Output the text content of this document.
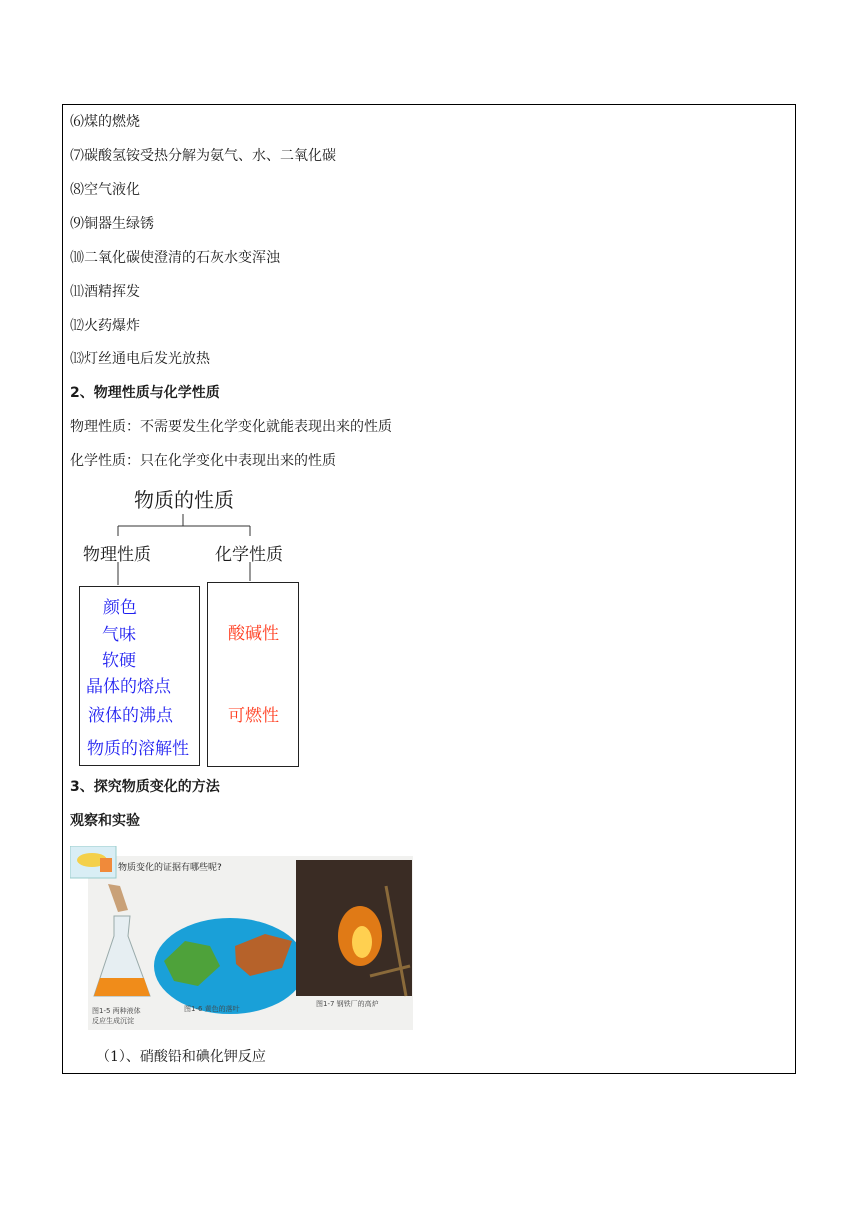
⑹煤的燃烧
⑺碳酸氢铵受热分解为氨气、水、二氧化碳
⑻空气液化
⑼铜器生绿锈
⑽二氧化碳使澄清的石灰水变浑浊
⑾酒精挥发
⑿火药爆炸
⒀灯丝通电后发光放热
2、物理性质与化学性质
物理性质：不需要发生化学变化就能表现出来的性质
化学性质：只在化学变化中表现出来的性质
物质的性质
物理性质	化学性质
颜色
气味
软硬
晶体的熔点
液体的沸点
物质的溶解性
酸碱性
可燃性
3、探究物质变化的方法
观察和实验
物质变化的证据有哪些呢?
图1-5 两种液体
反应生成沉淀
图1-6 黄色的落叶
图1-7 钢铁厂的高炉
（1）、硝酸铅和碘化钾反应
